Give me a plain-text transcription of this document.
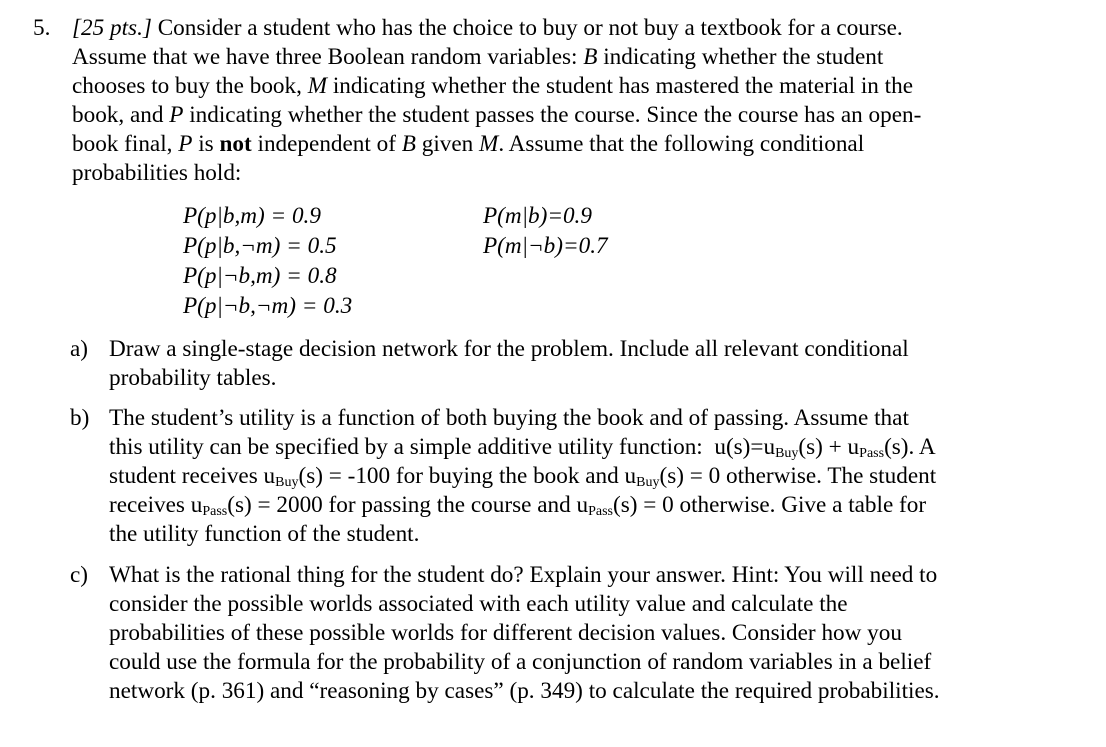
5. [25 pts.] Consider a student who has the choice to buy or not buy a textbook for a course.
Assume that we have three Boolean random variables: B indicating whether the student
chooses to buy the book, M indicating whether the student has mastered the material in the
book, and P indicating whether the student passes the course. Since the course has an open-
book final, P is not independent of B given M. Assume that the following conditional
probabilities hold:
P(p|b,m) = 0.9
P(p|b,¬m) = 0.5
P(p|¬b,m) = 0.8
P(p|¬b,¬m) = 0.3
P(m|b)=0.9
P(m|¬b)=0.7
a) Draw a single-stage decision network for the problem. Include all relevant conditional
probability tables.
b) The student’s utility is a function of both buying the book and of passing. Assume that
this utility can be specified by a simple additive utility function: $u(s)=u_{Buy}(s) + u_{Pass}(s)$. A
student receives $u_{Buy}(s) = -100$ for buying the book and $u_{Buy}(s) = 0$ otherwise. The student
receives $u_{Pass}(s) = 2000$ for passing the course and $u_{Pass}(s) = 0$ otherwise. Give a table for
the utility function of the student.
c) What is the rational thing for the student do? Explain your answer. Hint: You will need to
consider the possible worlds associated with each utility value and calculate the
probabilities of these possible worlds for different decision values. Consider how you
could use the formula for the probability of a conjunction of random variables in a belief
network (p. 361) and “reasoning by cases” (p. 349) to calculate the required probabilities.
